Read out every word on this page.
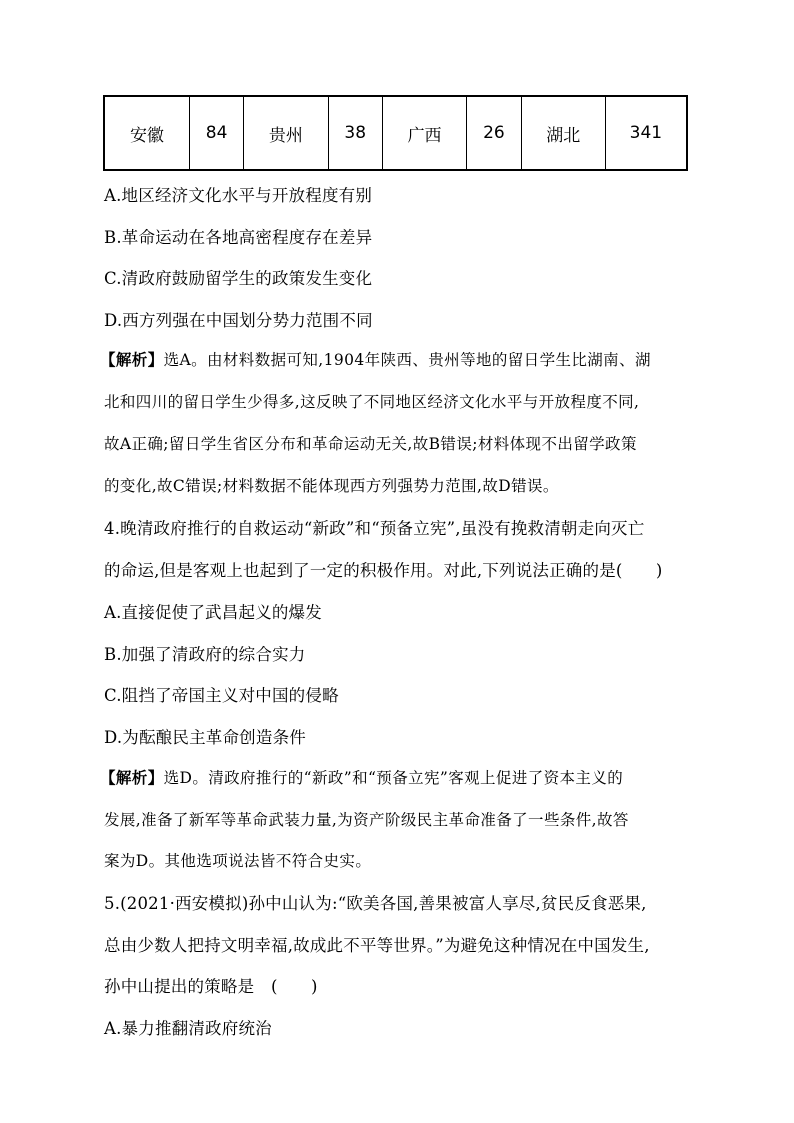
安徽	84	贵州	38	广西	26	湖北	341
A.地区经济文化水平与开放程度有别
B.革命运动在各地高密程度存在差异
C.清政府鼓励留学生的政策发生变化
D.西方列强在中国划分势力范围不同
【解析】选A。由材料数据可知,1904年陕西、贵州等地的留日学生比湖南、湖
北和四川的留日学生少得多,这反映了不同地区经济文化水平与开放程度不同,
故A正确;留日学生省区分布和革命运动无关,故B错误;材料体现不出留学政策
的变化,故C错误;材料数据不能体现西方列强势力范围,故D错误。
4.晚清政府推行的自救运动“新政”和“预备立宪”,虽没有挽救清朝走向灭亡
的命运,但是客观上也起到了一定的积极作用。对此,下列说法正确的是(　　)
A.直接促使了武昌起义的爆发
B.加强了清政府的综合实力
C.阻挡了帝国主义对中国的侵略
D.为酝酿民主革命创造条件
【解析】选D。清政府推行的“新政”和“预备立宪”客观上促进了资本主义的
发展,准备了新军等革命武装力量,为资产阶级民主革命准备了一些条件,故答
案为D。其他选项说法皆不符合史实。
5.(2021·西安模拟)孙中山认为:“欧美各国,善果被富人享尽,贫民反食恶果,
总由少数人把持文明幸福,故成此不平等世界。”为避免这种情况在中国发生,
孙中山提出的策略是　(　　)
A.暴力推翻清政府统治
